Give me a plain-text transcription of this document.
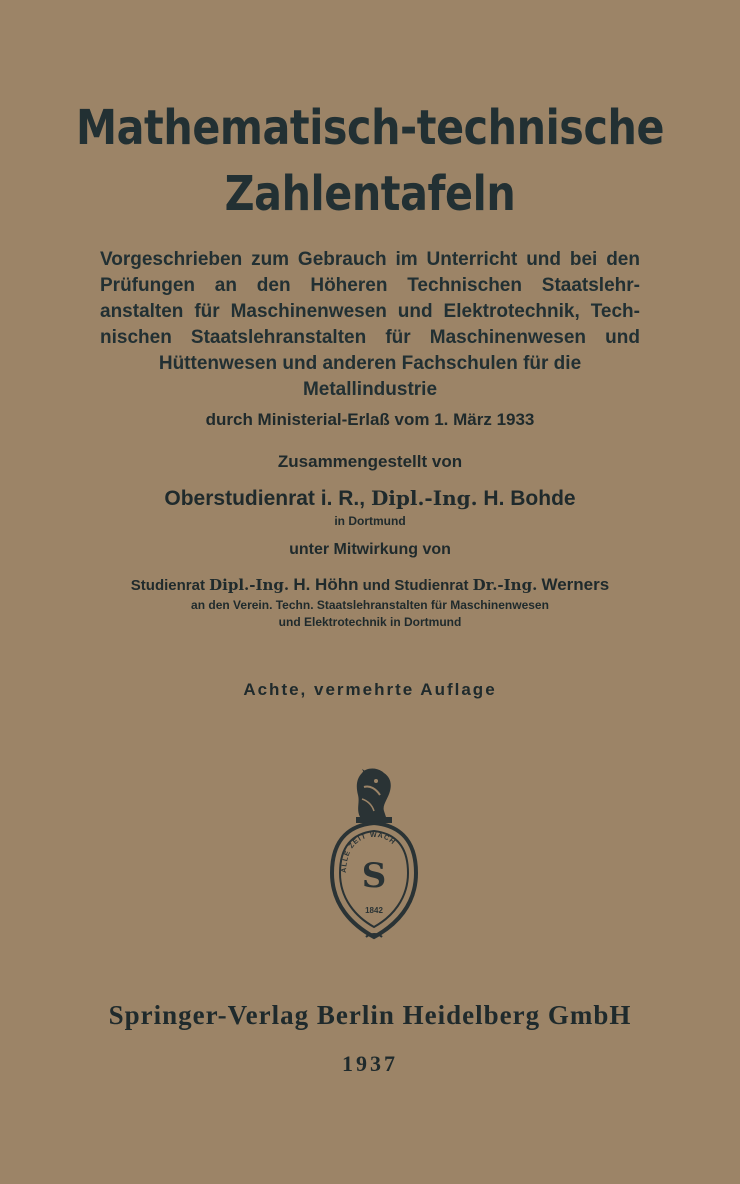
Mathematisch-technische
Zahlentafeln
Vorgeschrieben zum Gebrauch im Unterricht und bei den
Prüfungen an den Höheren Technischen Staatslehr-
anstalten für Maschinenwesen und Elektrotechnik, Tech-
nischen Staatslehranstalten für Maschinenwesen und
Hüttenwesen und anderen Fachschulen für die
Metallindustrie
durch Ministerial-Erlaß vom 1. März 1933
Zusammengestellt von
Oberstudienrat i. R., Dipl.-Ing. H. Bohde
in Dortmund
unter Mitwirkung von
Studienrat Dipl.-Ing. H. Höhn und Studienrat Dr.-Ing. Werners
an den Verein. Techn. Staatslehranstalten für Maschinenwesen
und Elektrotechnik in Dortmund
Achte, vermehrte Auflage
ALLE ZEIT WACH
S
1842
Springer-Verlag Berlin Heidelberg GmbH
1937
